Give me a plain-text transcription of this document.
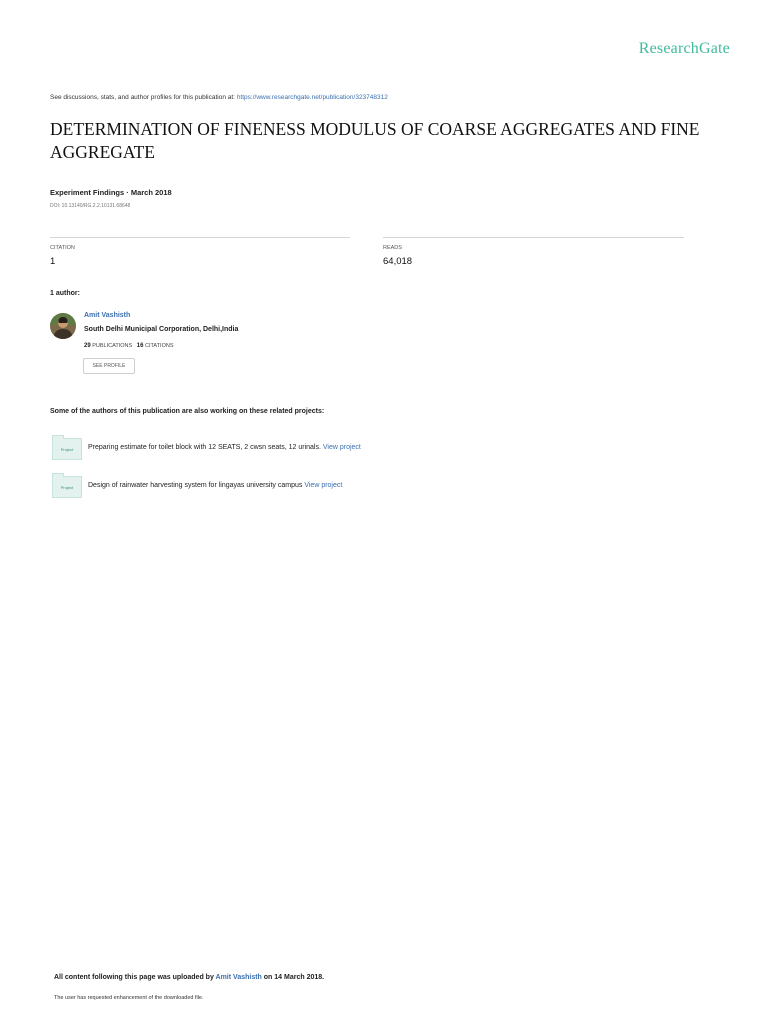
ResearchGate
See discussions, stats, and author profiles for this publication at: https://www.researchgate.net/publication/323748312
DETERMINATION OF FINENESS MODULUS OF COARSE AGGREGATES AND FINE AGGREGATE
Experiment Findings · March 2018
DOI: 10.13140/RG.2.2.10131.68648
CITATION
1
READS
64,018
1 author:
Amit Vashisth
South Delhi Municipal Corporation, Delhi,India
29 PUBLICATIONS 16 CITATIONS
SEE PROFILE
Some of the authors of this publication are also working on these related projects:
Project Preparing estimate for toilet block with 12 SEATS, 2 cwsn seats, 12 urinals. View project
Project Design of rainwater harvesting system for lingayas university campus View project
All content following this page was uploaded by Amit Vashisth on 14 March 2018.
The user has requested enhancement of the downloaded file.
